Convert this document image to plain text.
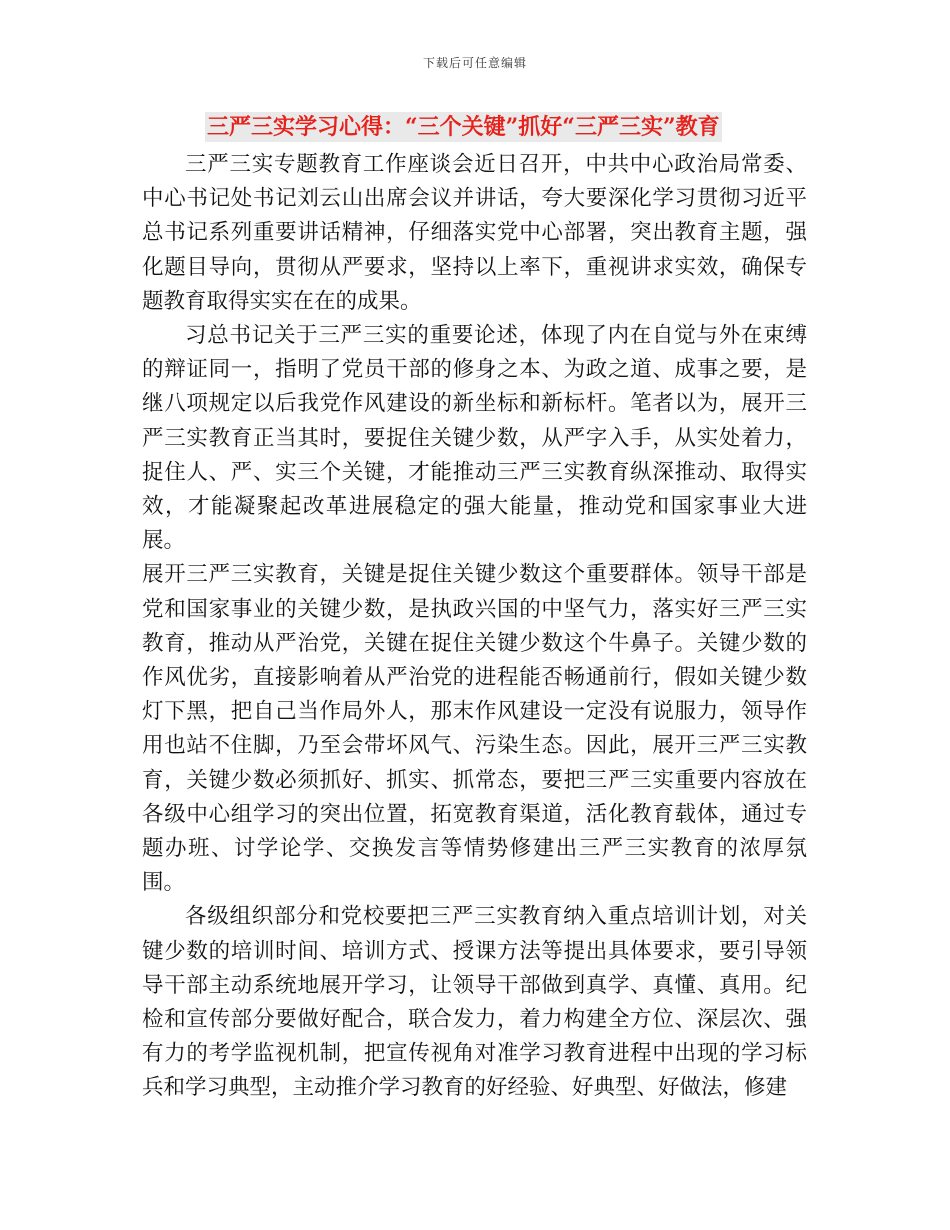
下载后可任意编辑
三严三实学习心得：“三个关键”抓好“三严三实”教育

三严三实专题教育工作座谈会近日召开，中共中心政治局常委、中心书记处书记刘云山出席会议并讲话，夸大要深化学习贯彻习近平总书记系列重要讲话精神，仔细落实党中心部署，突出教育主题，强化题目导向，贯彻从严要求，坚持以上率下，重视讲求实效，确保专题教育取得实实在在的成果。

习总书记关于三严三实的重要论述，体现了内在自觉与外在束缚的辩证同一，指明了党员干部的修身之本、为政之道、成事之要，是继八项规定以后我党作风建设的新坐标和新标杆。笔者以为，展开三严三实教育正当其时，要捉住关键少数，从严字入手，从实处着力，捉住人、严、实三个关键，才能推动三严三实教育纵深推动、取得实效，才能凝聚起改革进展稳定的强大能量，推动党和国家事业大进展。

展开三严三实教育，关键是捉住关键少数这个重要群体。领导干部是党和国家事业的关键少数，是执政兴国的中坚气力，落实好三严三实教育，推动从严治党，关键在捉住关键少数这个牛鼻子。关键少数的作风优劣，直接影响着从严治党的进程能否畅通前行，假如关键少数灯下黑，把自己当作局外人，那末作风建设一定没有说服力，领导作用也站不住脚，乃至会带坏风气、污染生态。因此，展开三严三实教育，关键少数必须抓好、抓实、抓常态，要把三严三实重要内容放在各级中心组学习的突出位置，拓宽教育渠道，活化教育载体，通过专题办班、讨学论学、交换发言等情势修建出三严三实教育的浓厚氛围。

各级组织部分和党校要把三严三实教育纳入重点培训计划，对关键少数的培训时间、培训方式、授课方法等提出具体要求，要引导领导干部主动系统地展开学习，让领导干部做到真学、真懂、真用。纪检和宣传部分要做好配合，联合发力，着力构建全方位、深层次、强有力的考学监视机制，把宣传视角对准学习教育进程中出现的学习标兵和学习典型，主动推介学习教育的好经验、好典型、好做法，修建
